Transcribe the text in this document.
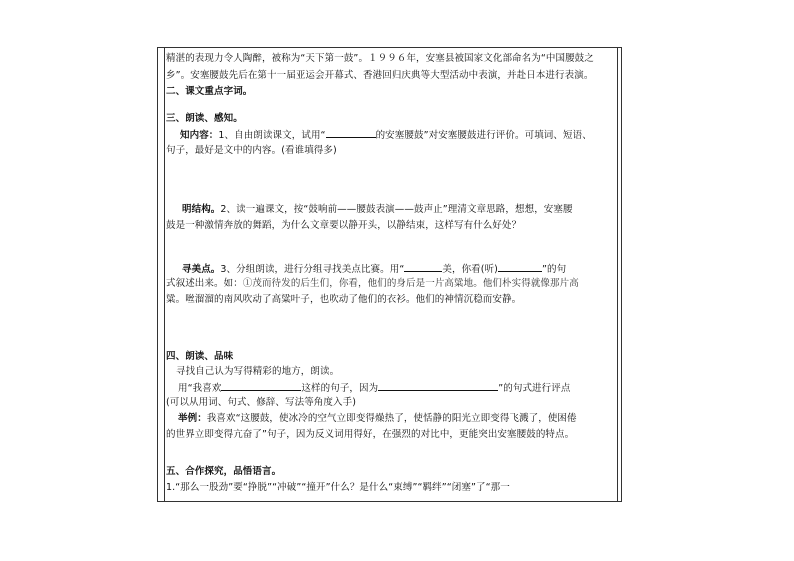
精湛的表现力令人陶醉，被称为“天下第一鼓”。１９９６年，安塞县被国家文化部命名为“中国腰鼓之
乡”。安塞腰鼓先后在第十一届亚运会开幕式、香港回归庆典等大型活动中表演，并赴日本进行表演。
二、课文重点字词。
三、朗读、感知。
知内容：1、自由朗读课文，试用“	的安塞腰鼓”对安塞腰鼓进行评价。可填词、短语、
句子，最好是文中的内容。(看谁填得多)
明结构。2、读一遍课文，按“鼓响前——腰鼓表演——鼓声止”理清文章思路，想想，安塞腰
鼓是一种激情奔放的舞蹈，为什么文章要以静开头，以静结束，这样写有什么好处？
寻美点。3、分组朗读，进行分组寻找美点比赛。用“	美，你看(听)	”的句
式叙述出来。如：①茂而待发的后生们，你看，他们的身后是一片高粱地。他们朴实得就像那片高
粱。咝溜溜的南风吹动了高粱叶子，也吹动了他们的衣衫。他们的神情沉稳而安静。
四、朗读、品味
寻找自己认为写得精彩的地方，朗读。
用“我喜欢	这样的句子，因为	”的句式进行评点
(可以从用词、句式、修辞、写法等角度入手)
举例：我喜欢“这腰鼓，使冰冷的空气立即变得燥热了，使恬静的阳光立即变得飞溅了，使困倦
的世界立即变得亢奋了”句子，因为反义词用得好，在强烈的对比中，更能突出安塞腰鼓的特点。
五、合作探究，品悟语言。
1.“那么一股劲”要“挣脱”“冲破”“撞开”什么？是什么“束缚”“羁绊”“闭塞”了“那一
